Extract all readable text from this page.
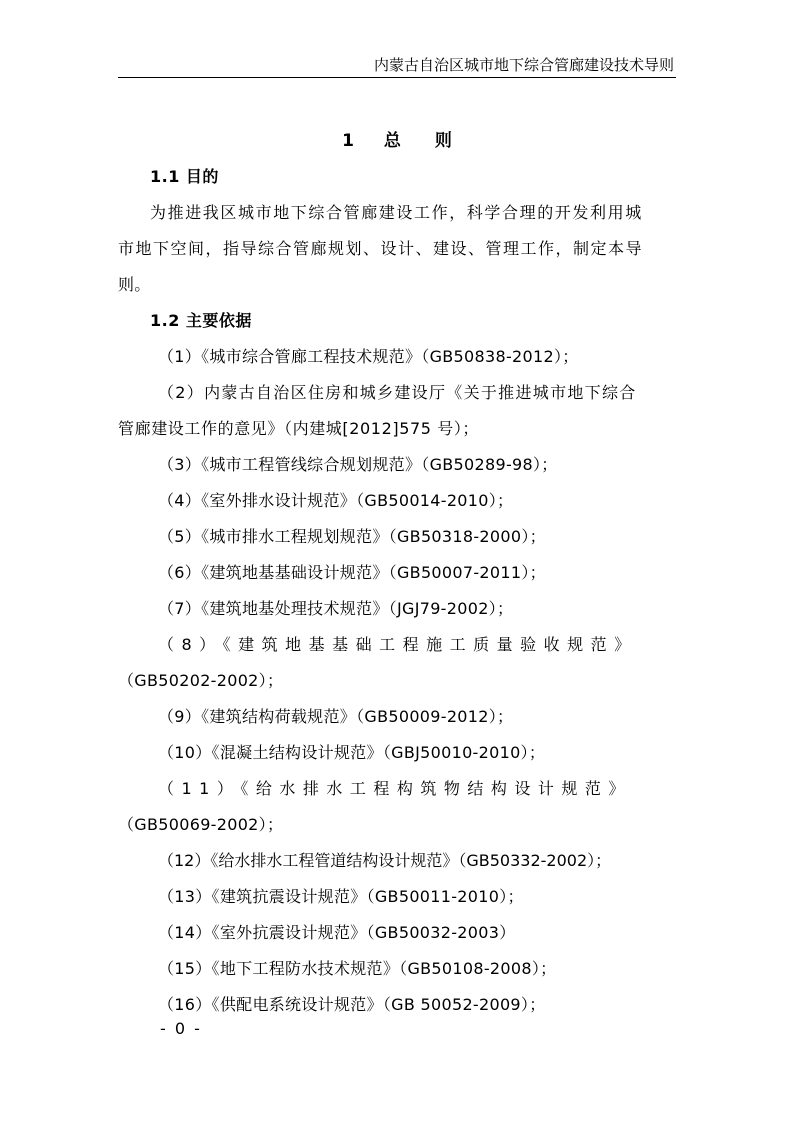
内蒙古自治区城市地下综合管廊建设技术导则
1 总 则
1.1 目的
为推进我区城市地下综合管廊建设工作，科学合理的开发利用城
市地下空间，指导综合管廊规划、设计、建设、管理工作，制定本导
则。
1.2 主要依据
（1）《城市综合管廊工程技术规范》（GB50838-2012）；
（2）内蒙古自治区住房和城乡建设厅《关于推进城市地下综合
管廊建设工作的意见》（内建城[2012]575 号）；
（3）《城市工程管线综合规划规范》（GB50289-98）；
（4）《室外排水设计规范》（GB50014-2010）；
（5）《城市排水工程规划规范》（GB50318-2000）；
（6）《建筑地基基础设计规范》（GB50007-2011）；
（7）《建筑地基处理技术规范》（JGJ79-2002）；
（8）《建筑地基基础工程施工质量验收规范》
（GB50202-2002）；
（9）《建筑结构荷载规范》（GB50009-2012）；
（10）《混凝土结构设计规范》（GBJ50010-2010）；
（11）《给水排水工程构筑物结构设计规范》
（GB50069-2002）；
（12）《给水排水工程管道结构设计规范》（GB50332-2002）；
（13）《建筑抗震设计规范》（GB50011-2010）；
（14）《室外抗震设计规范》（GB50032-2003）
（15）《地下工程防水技术规范》（GB50108-2008）；
（16）《供配电系统设计规范》（GB 50052-2009）；
- 0 -
